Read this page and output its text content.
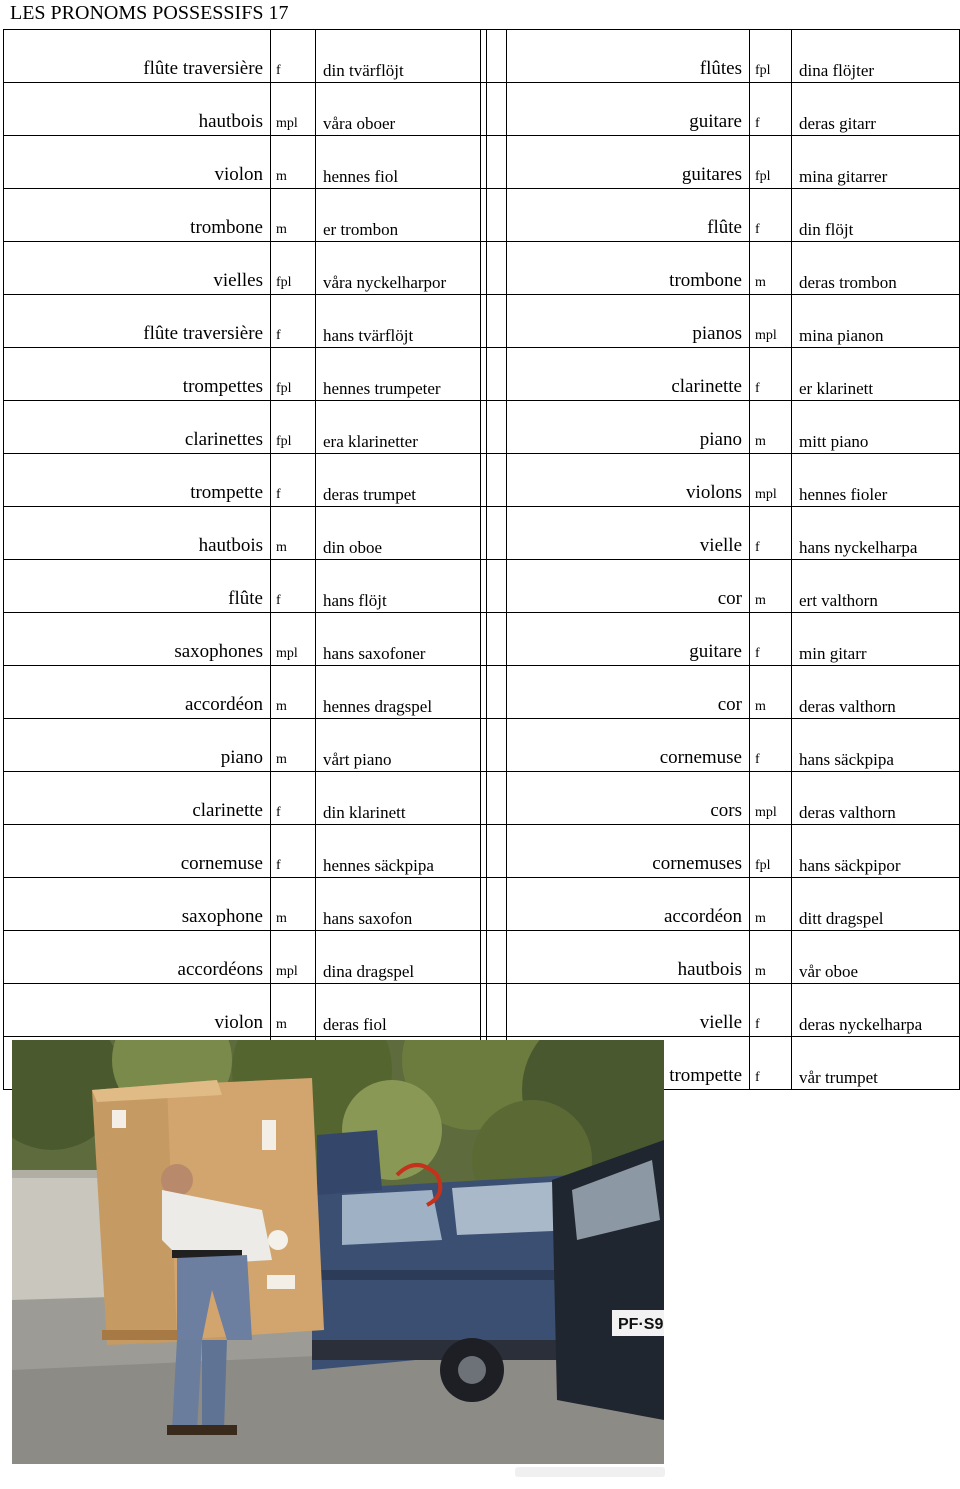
LES PRONOMS POSSESSIFS 17
flûte traversière	f	din tvärflöjt			flûtes	fpl	dina flöjter
hautbois	mpl	våra oboer			guitare	f	deras gitarr
violon	m	hennes fiol			guitares	fpl	mina gitarrer
trombone	m	er trombon			flûte	f	din flöjt
vielles	fpl	våra nyckelharpor			trombone	m	deras trombon
flûte traversière	f	hans tvärflöjt			pianos	mpl	mina pianon
trompettes	fpl	hennes trumpeter			clarinette	f	er klarinett
clarinettes	fpl	era klarinetter			piano	m	mitt piano
trompette	f	deras trumpet			violons	mpl	hennes fioler
hautbois	m	din oboe			vielle	f	hans nyckelharpa
flûte	f	hans flöjt			cor	m	ert valthorn
saxophones	mpl	hans saxofoner			guitare	f	min gitarr
accordéon	m	hennes dragspel			cor	m	deras valthorn
piano	m	vårt piano			cornemuse	f	hans säckpipa
clarinette	f	din klarinett			cors	mpl	deras valthorn
cornemuse	f	hennes säckpipa			cornemuses	fpl	hans säckpipor
saxophone	m	hans saxofon			accordéon	m	ditt dragspel
accordéons	mpl	dina dragspel			hautbois	m	vår oboe
violon	m	deras fiol			vielle	f	deras nyckelharpa
					trompette	f	vår trumpet
PF·S9
